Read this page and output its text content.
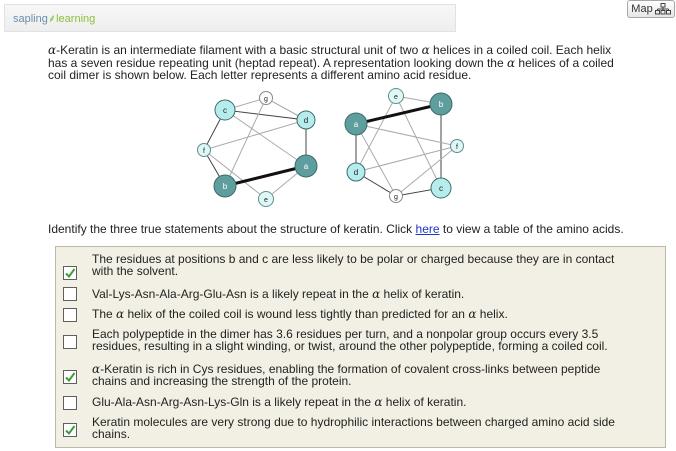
sapling⸙learning
Map
α-Keratin is an intermediate filament with a basic structural unit of two α helices in a coiled coil. Each helix
has a seven residue repeating unit (heptad repeat). A representation looking down the α helices of a coiled
coil dimer is shown below. Each letter represents a different amino acid residue.
c
g
d
f
a
b
e
e
b
a
f
d
c
g
Identify the three true statements about the structure of keratin. Click here to view a table of the amino acids.
The residues at positions b and c are less likely to be polar or charged because they are in contact
with the solvent.
Val-Lys-Asn-Ala-Arg-Glu-Asn is a likely repeat in the α helix of keratin.
The α helix of the coiled coil is wound less tightly than predicted for an α helix.
Each polypeptide in the dimer has 3.6 residues per turn, and a nonpolar group occurs every 3.5
residues, resulting in a slight winding, or twist, around the other polypeptide, forming a coiled coil.
α-Keratin is rich in Cys residues, enabling the formation of covalent cross-links between peptide
chains and increasing the strength of the protein.
Glu-Ala-Asn-Arg-Asn-Lys-Gln is a likely repeat in the α helix of keratin.
Keratin molecules are very strong due to hydrophilic interactions between charged amino acid side
chains.
